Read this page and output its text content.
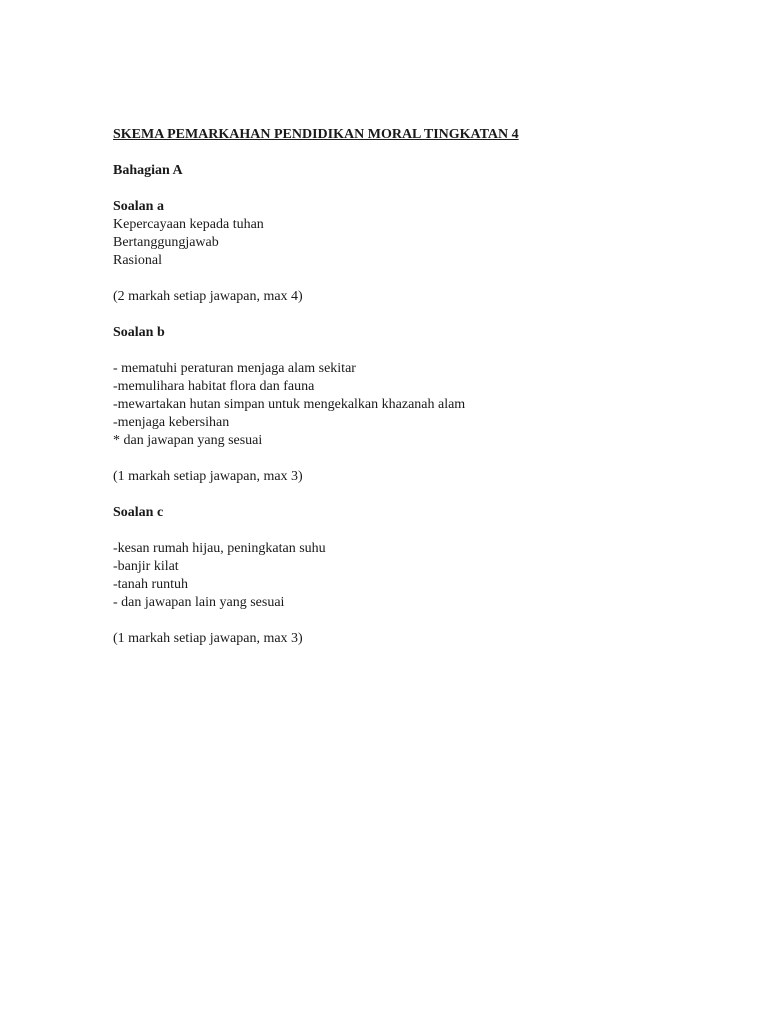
SKEMA PEMARKAHAN PENDIDIKAN MORAL TINGKATAN 4

Bahagian A

Soalan a

Kepercayaan kepada tuhan

Bertanggungjawab

Rasional

(2 markah setiap jawapan, max 4)

Soalan b

- mematuhi peraturan menjaga alam sekitar

-memulihara habitat flora dan fauna

-mewartakan hutan simpan untuk mengekalkan khazanah alam

-menjaga kebersihan

* dan jawapan yang sesuai

(1 markah setiap jawapan, max 3)

Soalan c

-kesan rumah hijau, peningkatan suhu

-banjir kilat

-tanah runtuh

- dan jawapan lain yang sesuai

(1 markah setiap jawapan, max 3)
